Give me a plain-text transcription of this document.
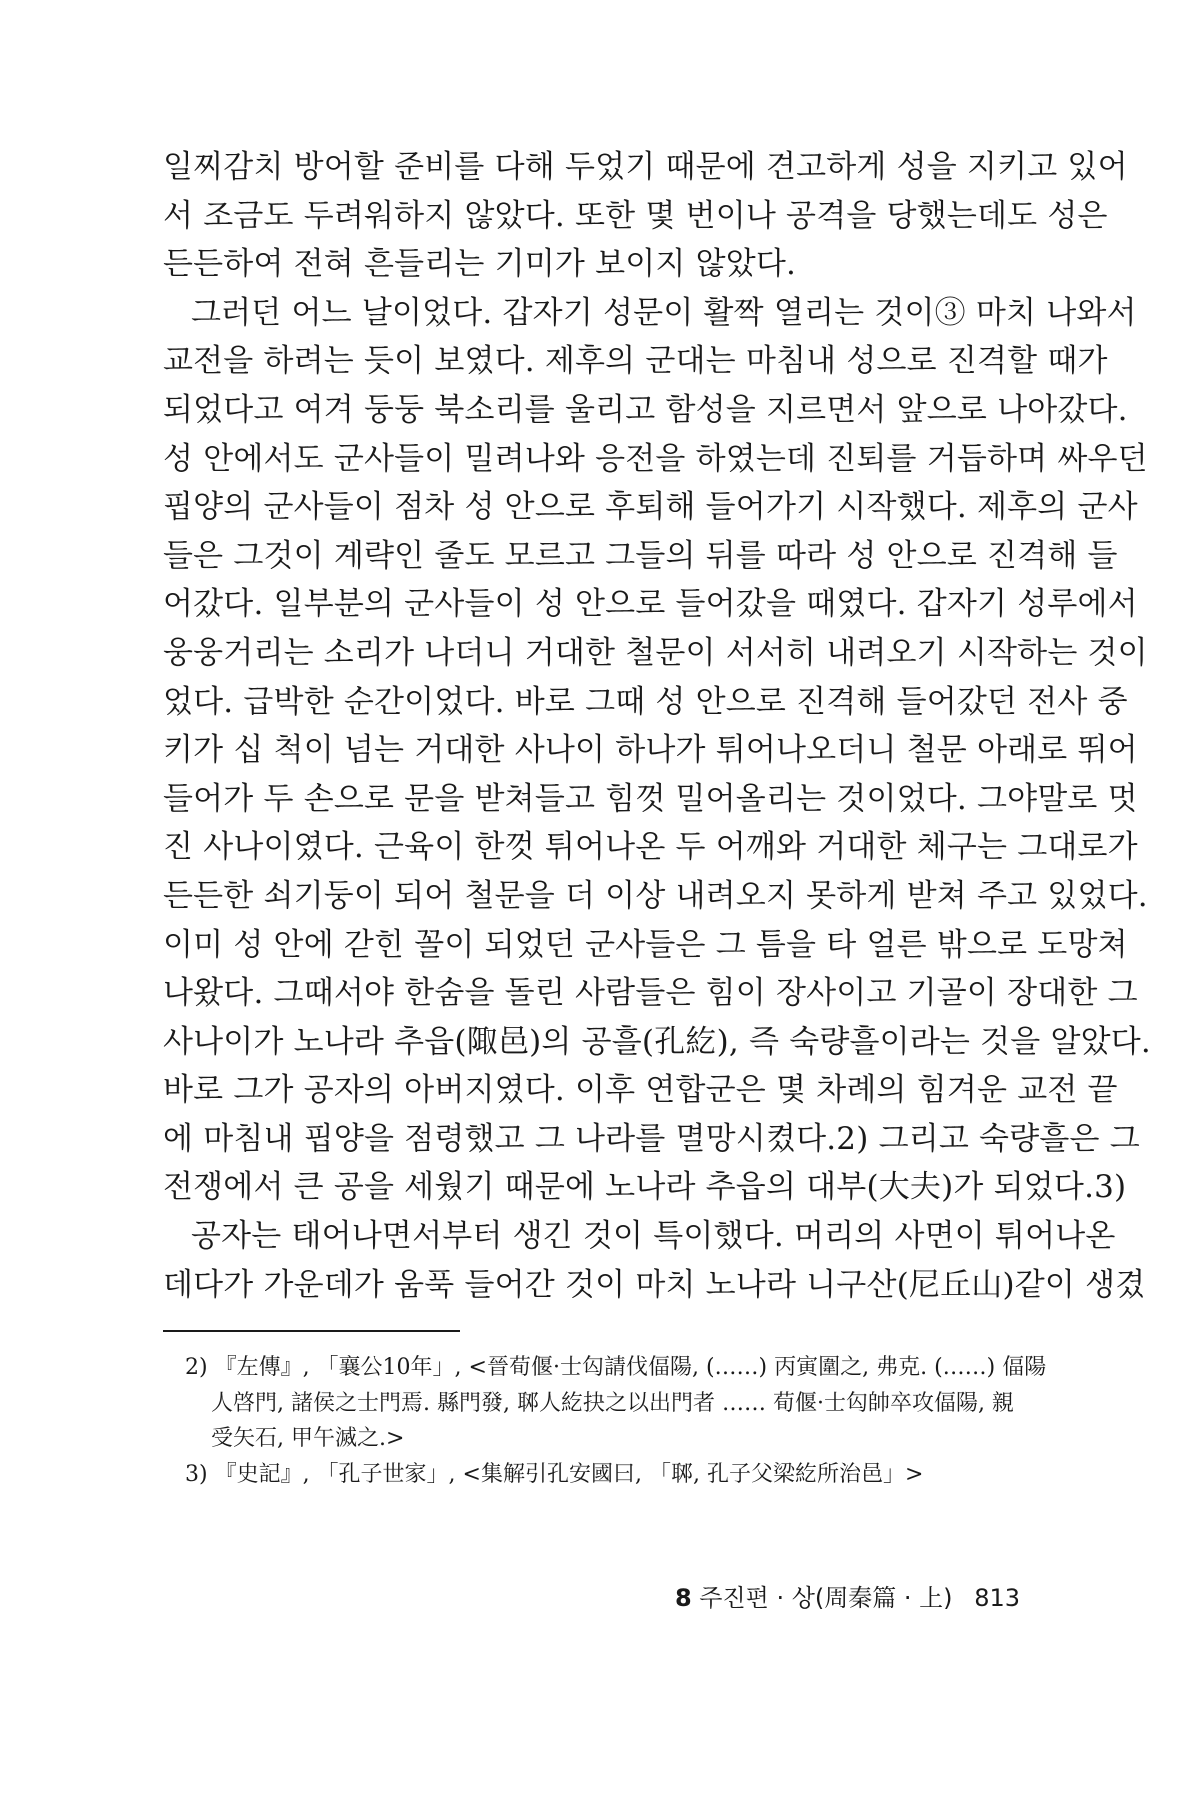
일찌감치 방어할 준비를 다해 두었기 때문에 견고하게 성을 지키고 있어
서 조금도 두려워하지 않았다. 또한 몇 번이나 공격을 당했는데도 성은
든든하여 전혀 흔들리는 기미가 보이지 않았다.
그러던 어느 날이었다. 갑자기 성문이 활짝 열리는 것이③ 마치 나와서
교전을 하려는 듯이 보였다. 제후의 군대는 마침내 성으로 진격할 때가
되었다고 여겨 둥둥 북소리를 울리고 함성을 지르면서 앞으로 나아갔다.
성 안에서도 군사들이 밀려나와 응전을 하였는데 진퇴를 거듭하며 싸우던
핍양의 군사들이 점차 성 안으로 후퇴해 들어가기 시작했다. 제후의 군사
들은 그것이 계략인 줄도 모르고 그들의 뒤를 따라 성 안으로 진격해 들
어갔다. 일부분의 군사들이 성 안으로 들어갔을 때였다. 갑자기 성루에서
웅웅거리는 소리가 나더니 거대한 철문이 서서히 내려오기 시작하는 것이
었다. 급박한 순간이었다. 바로 그때 성 안으로 진격해 들어갔던 전사 중
키가 십 척이 넘는 거대한 사나이 하나가 튀어나오더니 철문 아래로 뛰어
들어가 두 손으로 문을 받쳐들고 힘껏 밀어올리는 것이었다. 그야말로 멋
진 사나이였다. 근육이 한껏 튀어나온 두 어깨와 거대한 체구는 그대로가
든든한 쇠기둥이 되어 철문을 더 이상 내려오지 못하게 받쳐 주고 있었다.
이미 성 안에 갇힌 꼴이 되었던 군사들은 그 틈을 타 얼른 밖으로 도망쳐
나왔다. 그때서야 한숨을 돌린 사람들은 힘이 장사이고 기골이 장대한 그
사나이가 노나라 추읍(陬邑)의 공흘(孔紇), 즉 숙량흘이라는 것을 알았다.
바로 그가 공자의 아버지였다. 이후 연합군은 몇 차례의 힘겨운 교전 끝
에 마침내 핍양을 점령했고 그 나라를 멸망시켰다.2) 그리고 숙량흘은 그
전쟁에서 큰 공을 세웠기 때문에 노나라 추읍의 대부(大夫)가 되었다.3)
공자는 태어나면서부터 생긴 것이 특이했다. 머리의 사면이 튀어나온
데다가 가운데가 움푹 들어간 것이 마치 노나라 니구산(尼丘山)같이 생겼
2) 『左傳』, 「襄公10年」, <晉荀偃·士匃請伐偪陽, (……) 丙寅圍之, 弗克. (……) 偪陽
人啓門, 諸侯之士門焉. 縣門發, 郰人紇抉之以出門者 …… 荀偃·士匃帥卒攻偪陽, 親
受矢石, 甲午滅之.>
3) 『史記』, 「孔子世家」, <集解引孔安國曰, 「郰, 孔子父梁紇所治邑」>
8 주진편 · 상(周秦篇 · 上) 813
